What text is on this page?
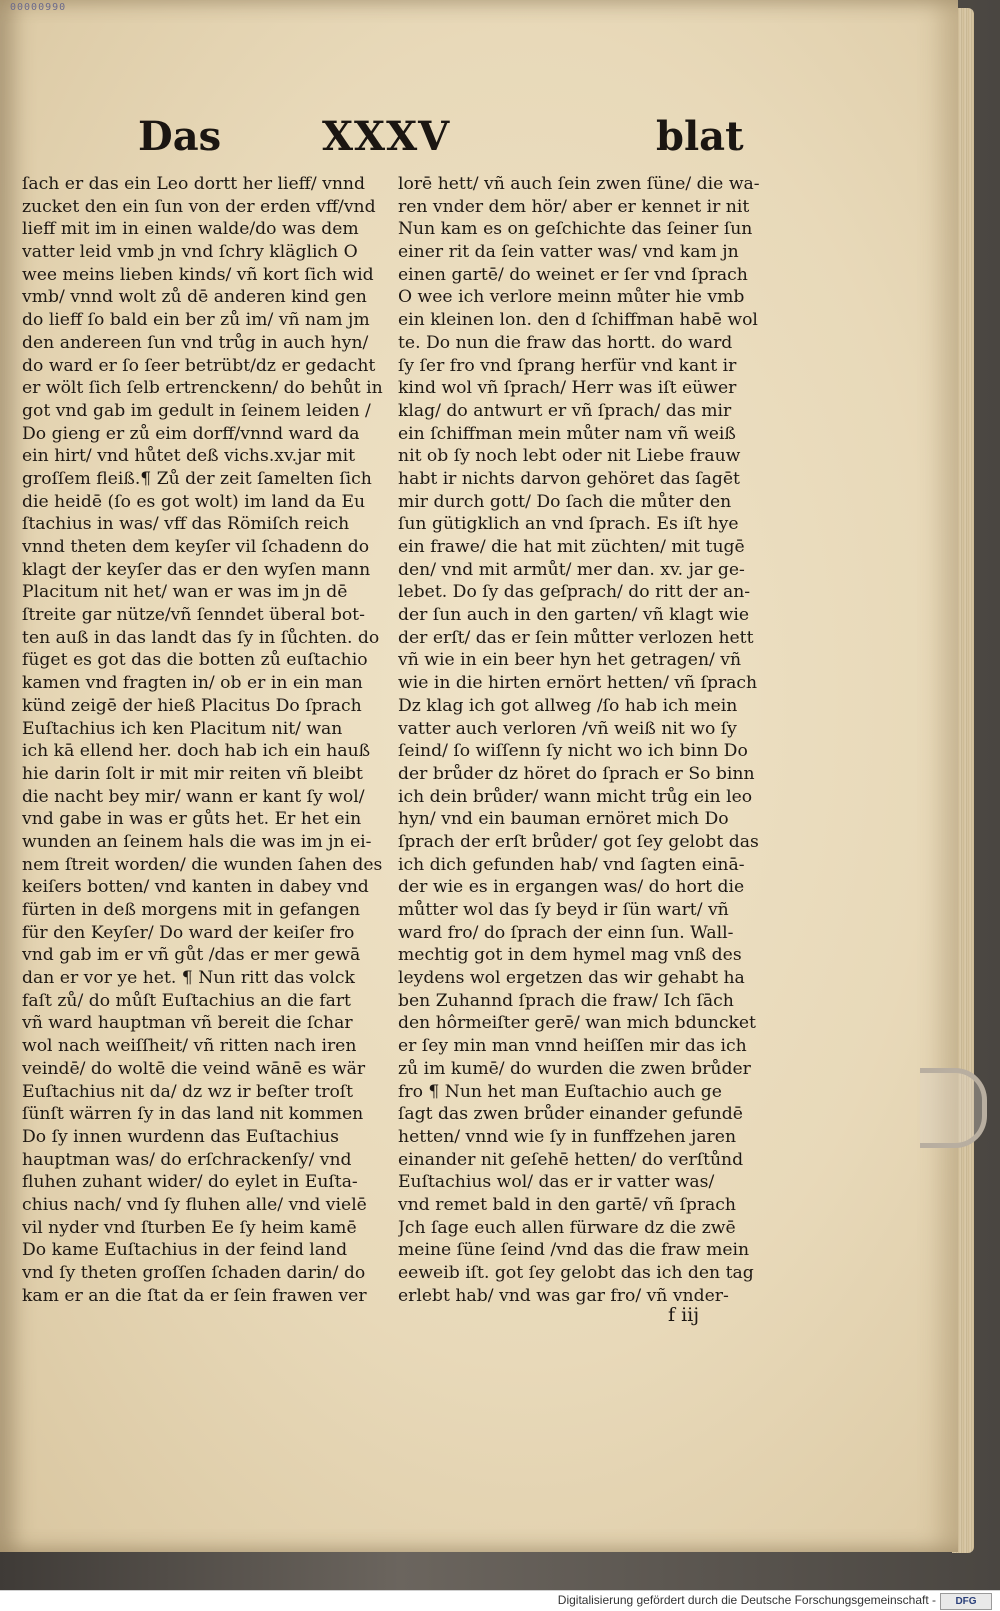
00000990
Das	XXXV	blat
ſach er das ein Leo dortt her lieff/ vnnd
zucket den ein ſun von der erden vff/vnd
lieff mit im in einen walde/do was dem
vatter leid vmb jn vnd ſchry kläglich O
wee meins lieben kinds/ vñ kort ſich wid
vmb/ vnnd wolt zů dē anderen kind gen
do lieff ſo bald ein ber zů im/ vñ nam jm
den andereen ſun vnd trůg in auch hyn/
do ward er ſo ſeer betrübt/dz er gedacht
er wölt ſich ſelb ertrenckenn/ do behůt in
got vnd gab im gedult in ſeinem leiden /
Do gieng er zů eim dorff/vnnd ward da
ein hirt/ vnd hůtet deß vichs.xv.jar mit
groſſem fleiß.¶ Zů der zeit ſamelten ſich
die heidē (ſo es got wolt) im land da Eu
ſtachius in was/ vff das Römiſch reich
vnnd theten dem keyſer vil ſchadenn do
klagt der keyſer das er den wyſen mann
Placitum nit het/ wan er was im jn dē
ſtreite gar nütze/vñ ſenndet überal bot-
ten auß in das landt das ſy in ſůchten. do
füget es got das die botten zů euſtachio
kamen vnd fragten in/ ob er in ein man
künd zeigē der hieß Placitus Do ſprach
Euſtachius ich ken Placitum nit/ wan
ich kā ellend her. doch hab ich ein hauß
hie darin ſolt ir mit mir reiten vñ bleibt
die nacht bey mir/ wann er kant ſy wol/
vnd gabe in was er gůts het. Er het ein
wunden an ſeinem hals die was im jn ei-
nem ſtreit worden/ die wunden ſahen des
keiſers botten/ vnd kanten in dabey vnd
fürten in deß morgens mit in gefangen
für den Keyſer/ Do ward der keiſer fro
vnd gab im er vñ gůt /das er mer gewā
dan er vor ye het. ¶ Nun ritt das volck
faſt zů/ do můſt Euſtachius an die fart
vñ ward hauptman vñ bereit die ſchar
wol nach weiſſheit/ vñ ritten nach iren
veindē/ do woltē die veind wānē es wär
Euſtachius nit da/ dz wz ir beſter troſt
ſünſt wärren ſy in das land nit kommen
Do ſy innen wurdenn das Euſtachius
hauptman was/ do erſchrackenſy/ vnd
fluhen zuhant wider/ do eylet in Euſta-
chius nach/ vnd ſy fluhen alle/ vnd vielē
vil nyder vnd ſturben Ee ſy heim kamē
Do kame Euſtachius in der feind land
vnd ſy theten groſſen ſchaden darin/ do
kam er an die ſtat da er ſein frawen ver
lorē hett/ vñ auch ſein zwen ſüne/ die wa-
ren vnder dem hör/ aber er kennet ir nit
Nun kam es on geſchichte das ſeiner ſun
einer rit da ſein vatter was/ vnd kam jn
einen gartē/ do weinet er ſer vnd ſprach
O wee ich verlore meinn můter hie vmb
ein kleinen lon. den d ſchiffman habē wol
te. Do nun die fraw das hortt. do ward
ſy ſer fro vnd ſprang herfür vnd kant ir
kind wol vñ ſprach/ Herr was iſt eüwer
klag/ do antwurt er vñ ſprach/ das mir
ein ſchiffman mein můter nam vñ weiß
nit ob ſy noch lebt oder nit Liebe frauw
habt ir nichts darvon gehöret das ſagēt
mir durch gott/ Do ſach die můter den
ſun gütigklich an vnd ſprach. Es iſt hye
ein frawe/ die hat mit züchten/ mit tugē
den/ vnd mit armůt/ mer dan. xv. jar ge-
lebet. Do ſy das geſprach/ do ritt der an-
der ſun auch in den garten/ vñ klagt wie
der erſt/ das er ſein můtter verlozen hett
vñ wie in ein beer hyn het getragen/ vñ
wie in die hirten ernört hetten/ vñ ſprach
Dz klag ich got allweg /ſo hab ich mein
vatter auch verloren /vñ weiß nit wo ſy
ſeind/ ſo wiſſenn ſy nicht wo ich binn Do
der brůder dz höret do ſprach er So binn
ich dein brůder/ wann micht trůg ein leo
hyn/ vnd ein bauman ernöret mich Do
ſprach der erſt brůder/ got ſey gelobt das
ich dich gefunden hab/ vnd ſagten einā-
der wie es in ergangen was/ do hort die
můtter wol das ſy beyd ir ſün wart/ vñ
ward fro/ do ſprach der einn ſun. Wall-
mechtig got in dem hymel mag vnß des
leydens wol ergetzen das wir gehabt ha
ben Zuhannd ſprach die fraw/ Ich ſāch
den hôrmeiſter gerē/ wan mich bduncket
er ſey min man vnnd heiſſen mir das ich
zů im kumē/ do wurden die zwen brůder
fro ¶ Nun het man Euſtachio auch ge
ſagt das zwen brůder einander gefundē
hetten/ vnnd wie ſy in funffzehen jaren
einander nit geſehē hetten/ do verſtůnd
Euſtachius wol/ das er ir vatter was/
vnd remet bald in den gartē/ vñ ſprach
Jch ſage euch allen fürware dz die zwē
meine ſüne ſeind /vnd das die fraw mein
eeweib iſt. got ſey gelobt das ich den tag
erlebt hab/ vnd was gar fro/ vñ vnder-
f iij
Digitalisierung gefördert durch die Deutsche Forschungsgemeinschaft -	DFG
